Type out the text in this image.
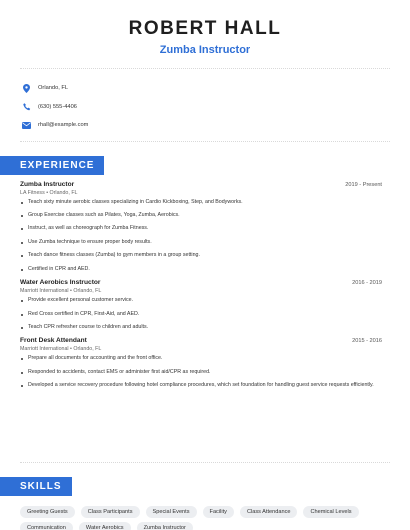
ROBERT HALL
Zumba Instructor
Orlando, FL
(630) 555-4406
rhall@example.com
EXPERIENCE
Zumba Instructor	2019 - Present
LA Fitness • Orlando, FL
Teach sixty minute aerobic classes specializing in Cardio Kickboxing, Step, and Bodyworks.
Group Exercise classes such as Pilates, Yoga, Zumba, Aerobics.
Instruct, as well as choreograph for Zumba Fitness.
Use Zumba technique to ensure proper body results.
Teach dance fitness classes (Zumba) to gym members in a group setting.
Certified in CPR and AED.
Water Aerobics Instructor	2016 - 2019
Marriott International • Orlando, FL
Provide excellent personal customer service.
Red Cross certified in CPR, First-Aid, and AED.
Teach CPR refresher course to children and adults.
Front Desk Attendant	2015 - 2016
Marriott International • Orlando, FL
Prepare all documents for accounting and the front office.
Responded to accidents, contact EMS or administer first aid/CPR as required.
Developed a service recovery procedure following hotel compliance procedures, which set foundation for handling guest service requests efficiently.
SKILLS
Greeting Guests	Class Participants	Special Events	Facility	Class Attendance	Chemical Levels
Communication	Water Aerobics	Zumba Instructor
